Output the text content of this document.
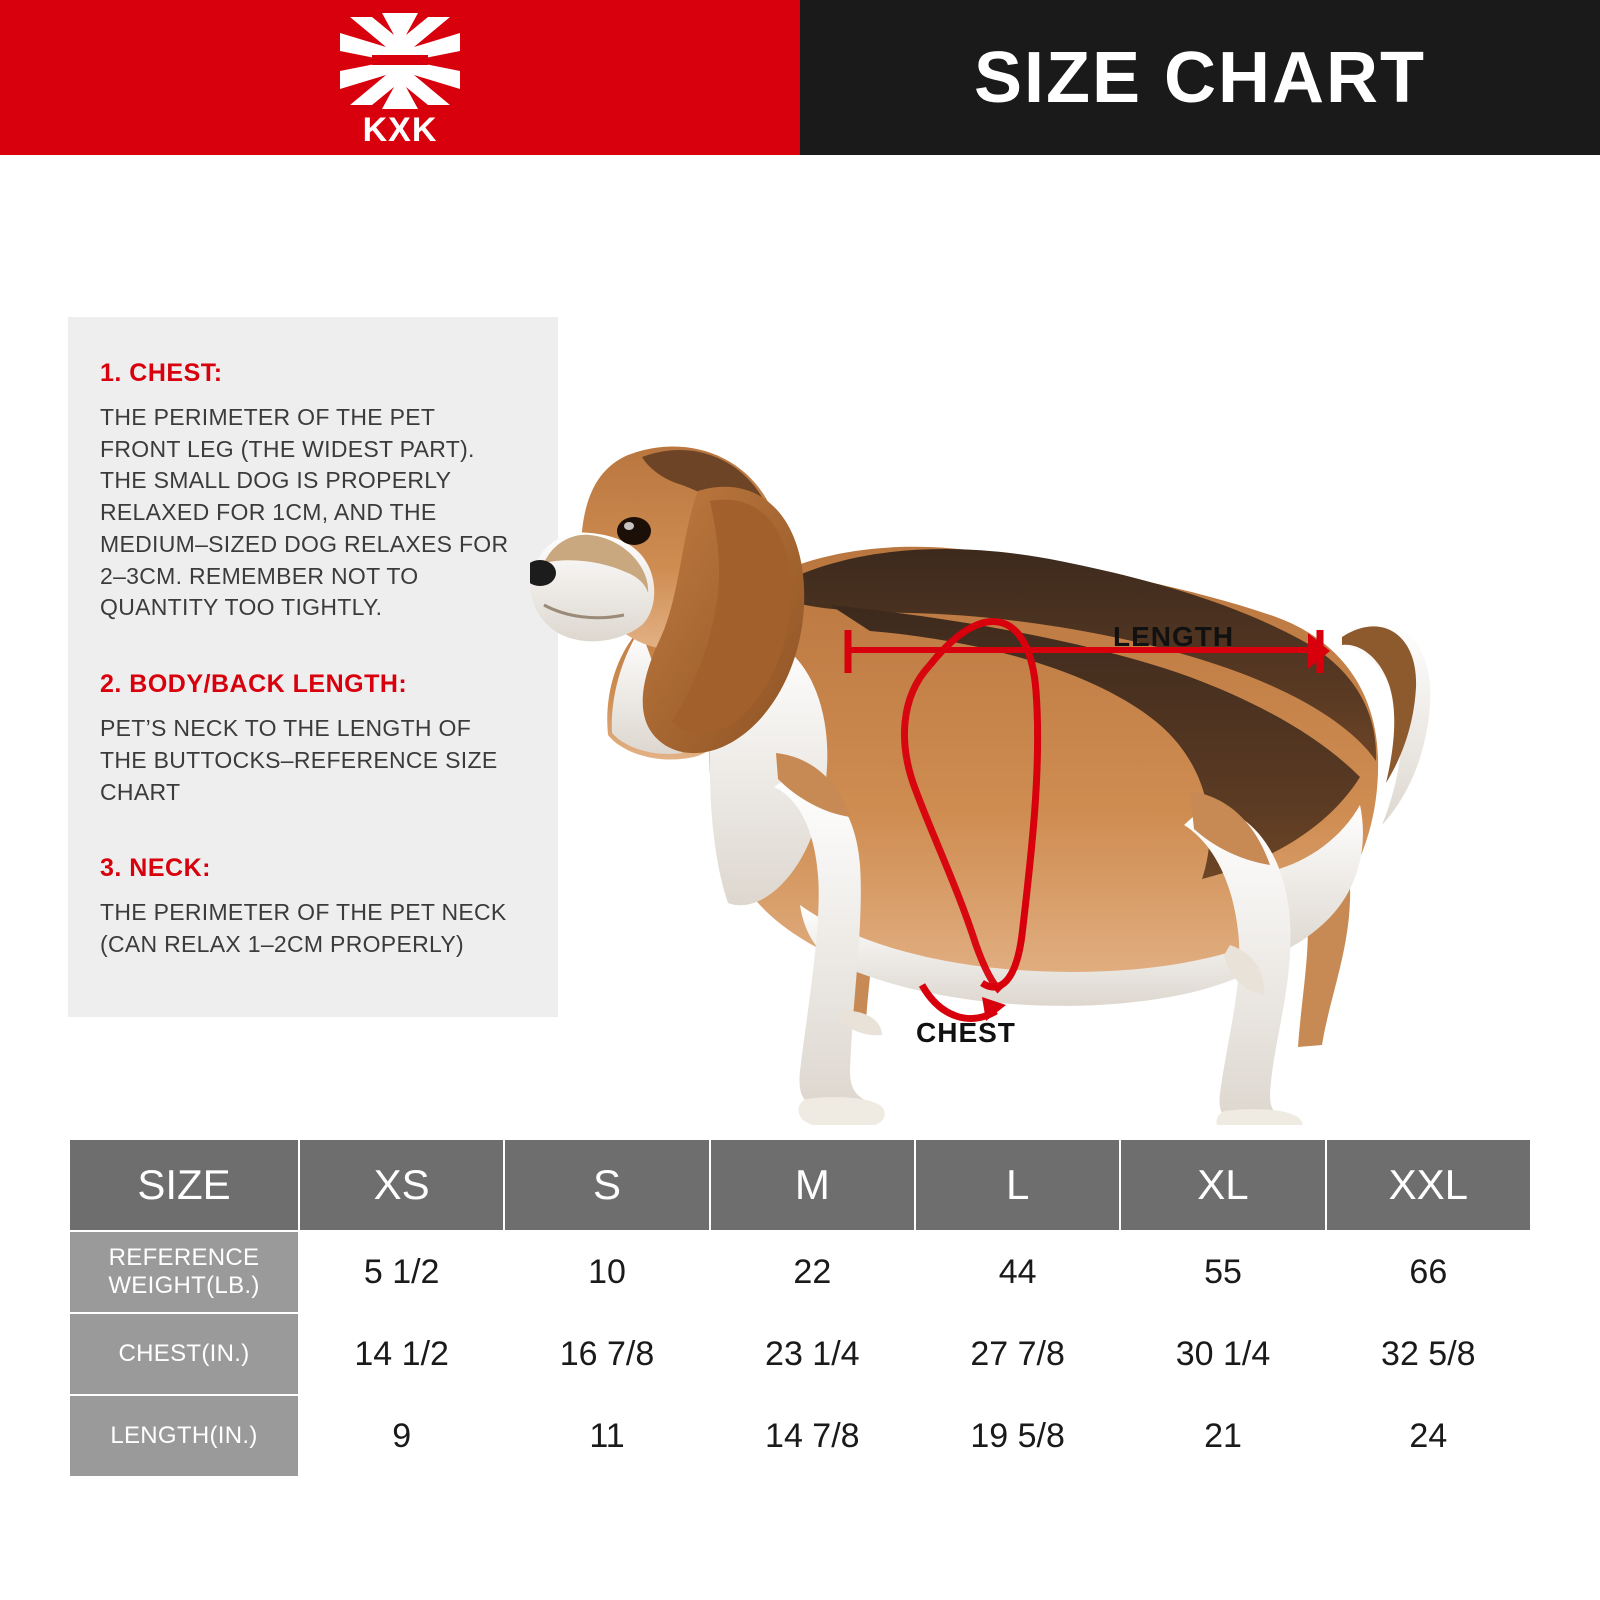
KXK
SIZE CHART
1. CHEST:
THE PERIMETER OF THE PET FRONT LEG (THE WIDEST PART). THE SMALL DOG IS PROPERLY RELAXED FOR 1CM, AND THE MEDIUM–SIZED DOG RELAXES FOR 2–3CM. REMEMBER NOT TO QUANTITY TOO TIGHTLY.
2. BODY/BACK LENGTH:
PET’S NECK TO THE LENGTH OF THE BUTTOCKS–REFERENCE SIZE CHART
3. NECK:
THE PERIMETER OF THE PET NECK (CAN RELAX 1–2CM PROPERLY)
LENGTH
CHEST
SIZE	XS	S	M	L	XL	XXL

REFERENCE
WEIGHT(LB.)	5 1/2	10	22	44	55	66

CHEST(IN.)	14 1/2	16 7/8	23 1/4	27 7/8	30 1/4	32 5/8

LENGTH(IN.)	9	11	14 7/8	19 5/8	21	24
